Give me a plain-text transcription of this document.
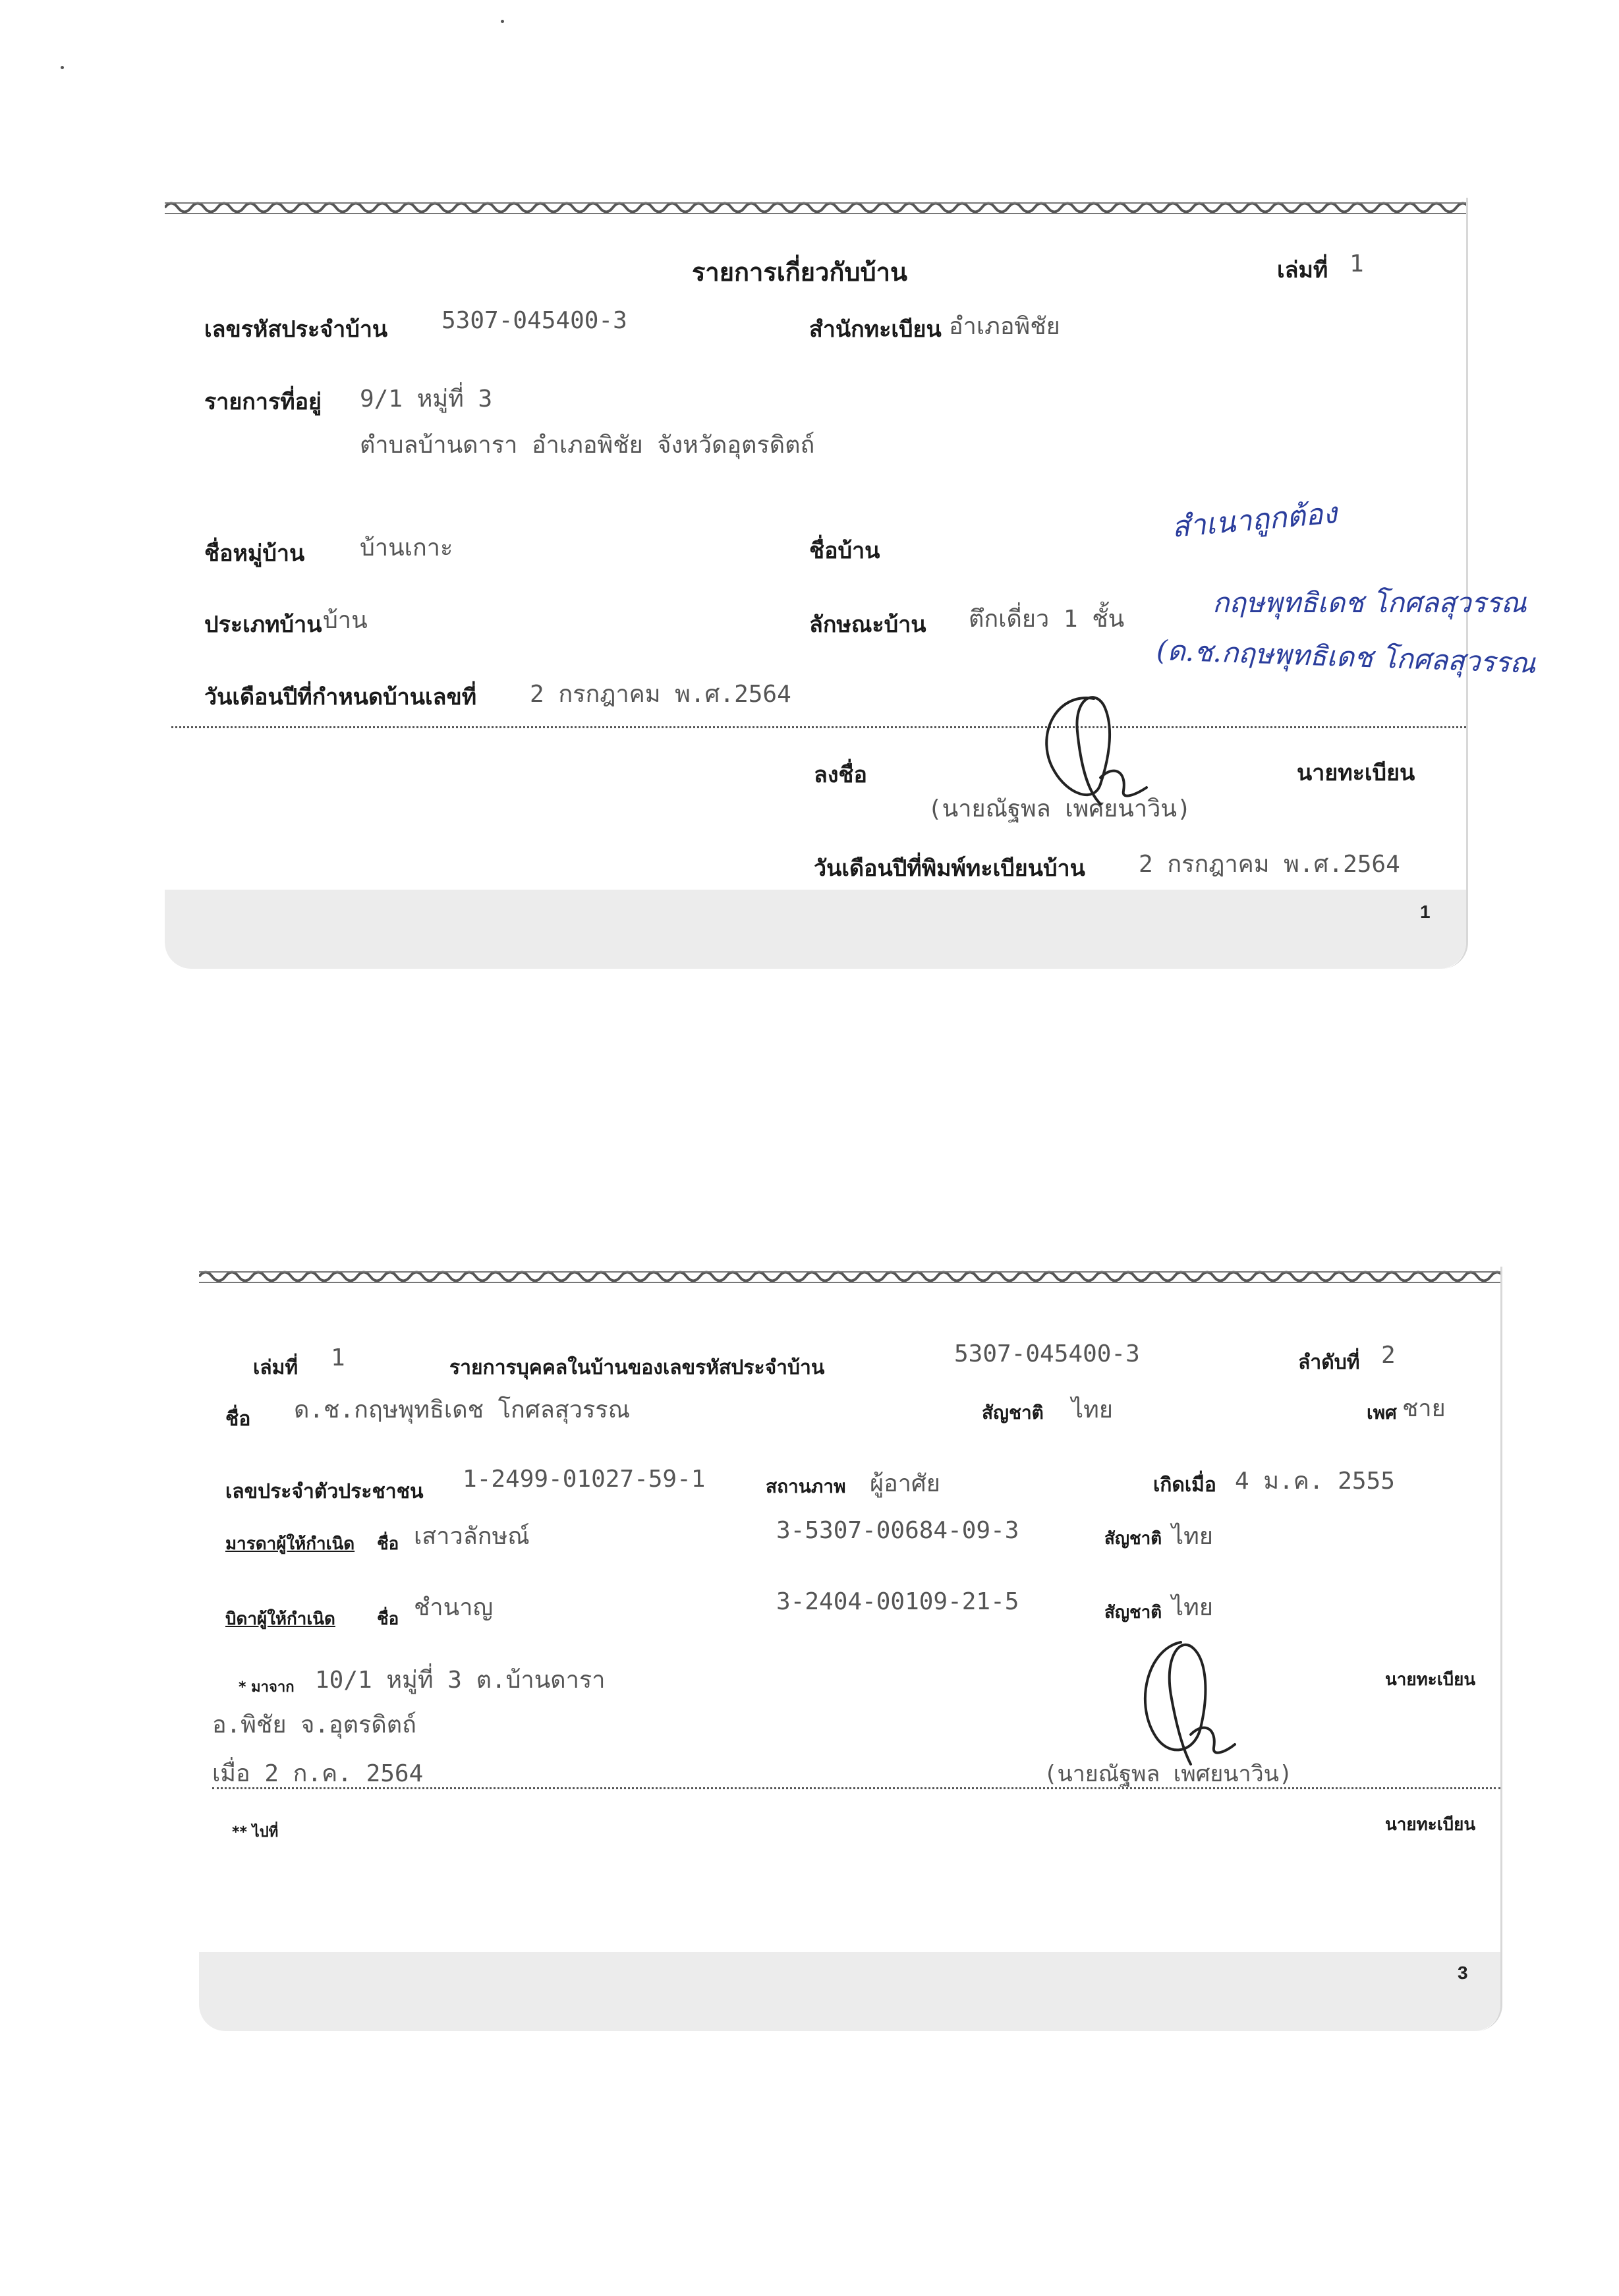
รายการเกี่ยวกับบ้าน	เล่มที่ 1
เลขรหัสประจำบ้าน 5307-045400-3	สำนักทะเบียน อำเภอพิชัย
รายการที่อยู่ 9/1 หมู่ที่ 3
ตำบลบ้านดารา อำเภอพิชัย จังหวัดอุตรดิตถ์
ชื่อหมู่บ้าน บ้านเกาะ	ชื่อบ้าน
ประเภทบ้าน บ้าน	ลักษณะบ้าน ตึกเดี่ยว 1 ชั้น
วันเดือนปีที่กำหนดบ้านเลขที่ 2 กรกฎาคม พ.ศ.2564
ลงชื่อ	นายทะเบียน
(นายณัฐพล เพศยนาวิน)
วันเดือนปีที่พิมพ์ทะเบียนบ้าน 2 กรกฎาคม พ.ศ.2564
1
สำเนาถูกต้อง
กฤษพุทธิเดช โกศลสุวรรณ
(ด.ช.กฤษพุทธิเดช โกศลสุวรรณ
เล่มที่ 1	รายการบุคคลในบ้านของเลขรหัสประจำบ้าน
5307-045400-3	ลำดับที่ 2
ชื่อ ด.ช.กฤษพุทธิเดช โกศลสุวรรณ	สัญชาติ ไทย	เพศ ชาย
เลขประจำตัวประชาชน 1-2499-01027-59-1	สถานภาพ ผู้อาศัย	เกิดเมื่อ 4 ม.ค. 2555
มารดาผู้ให้กำเนิด ชื่อ เสาวลักษณ์	3-5307-00684-09-3	สัญชาติ ไทย
บิดาผู้ให้กำเนิด ชื่อ ชำนาญ	3-2404-00109-21-5	สัญชาติ ไทย
* มาจาก 10/1 หมู่ที่ 3 ต.บ้านดารา
อ.พิชัย จ.อุตรดิตถ์
เมื่อ 2 ก.ค. 2564
นายทะเบียน
(นายณัฐพล เพศยนาวิน)
** ไปที่	นายทะเบียน
3
